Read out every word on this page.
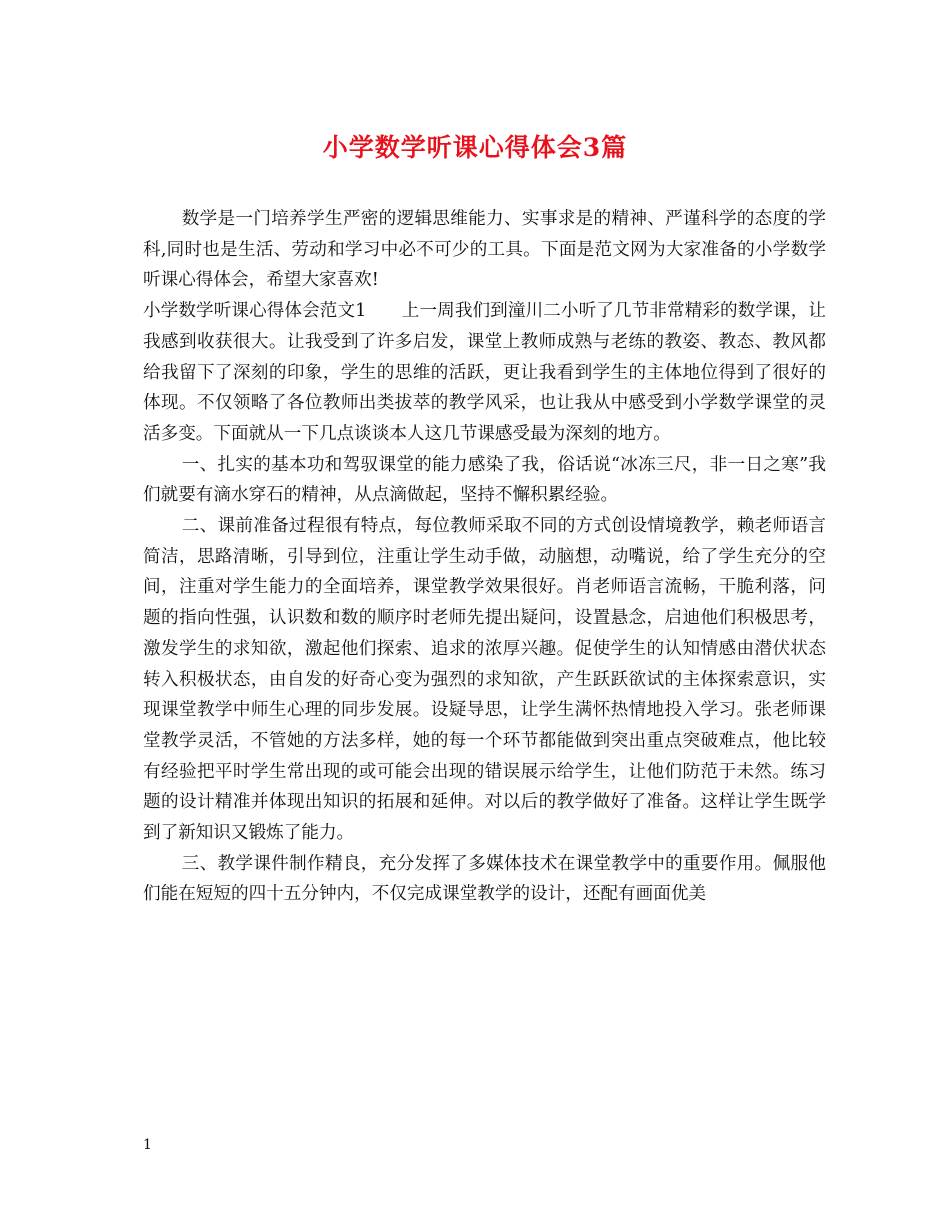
小学数学听课心得体会3篇

数学是一门培养学生严密的逻辑思维能力、实事求是的精神、严谨科学的态度的学科,同时也是生活、劳动和学习中必不可少的工具。下面是范文网为大家准备的小学数学听课心得体会，希望大家喜欢!

小学数学听课心得体会范文1　　上一周我们到潼川二小听了几节非常精彩的数学课，让我感到收获很大。让我受到了许多启发，课堂上教师成熟与老练的教姿、教态、教风都给我留下了深刻的印象，学生的思维的活跃，更让我看到学生的主体地位得到了很好的体现。不仅领略了各位教师出类拔萃的教学风采，也让我从中感受到小学数学课堂的灵活多变。下面就从一下几点谈谈本人这几节课感受最为深刻的地方。

一、扎实的基本功和驾驭课堂的能力感染了我，俗话说“冰冻三尺，非一日之寒”我们就要有滴水穿石的精神，从点滴做起，坚持不懈积累经验。

二、课前准备过程很有特点，每位教师采取不同的方式创设情境教学，赖老师语言简洁，思路清晰，引导到位，注重让学生动手做，动脑想，动嘴说，给了学生充分的空间，注重对学生能力的全面培养，课堂教学效果很好。肖老师语言流畅，干脆利落，问题的指向性强，认识数和数的顺序时老师先提出疑问，设置悬念，启迪他们积极思考，激发学生的求知欲，激起他们探索、追求的浓厚兴趣。促使学生的认知情感由潜伏状态转入积极状态，由自发的好奇心变为强烈的求知欲，产生跃跃欲试的主体探索意识，实现课堂教学中师生心理的同步发展。设疑导思，让学生满怀热情地投入学习。张老师课堂教学灵活，不管她的方法多样，她的每一个环节都能做到突出重点突破难点，他比较有经验把平时学生常出现的或可能会出现的错误展示给学生，让他们防范于未然。练习题的设计精准并体现出知识的拓展和延伸。对以后的教学做好了准备。这样让学生既学到了新知识又锻炼了能力。

三、教学课件制作精良，充分发挥了多媒体技术在课堂教学中的重要作用。佩服他们能在短短的四十五分钟内，不仅完成课堂教学的设计，还配有画面优美

1
